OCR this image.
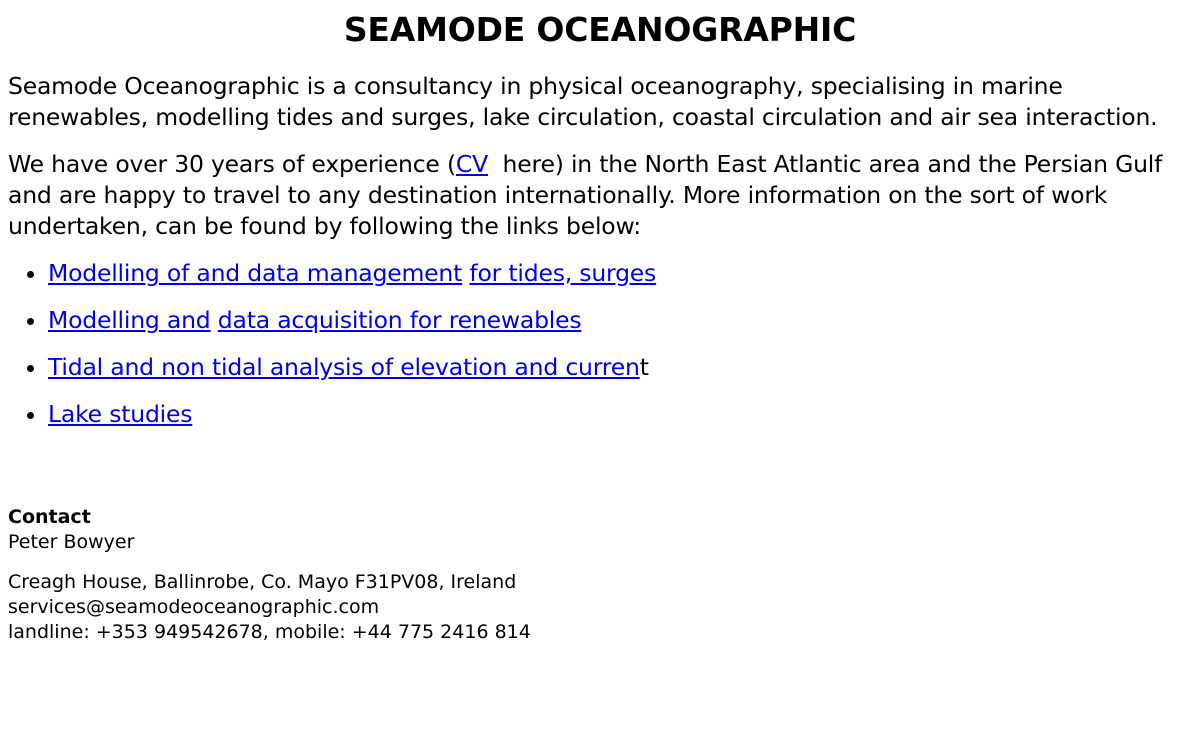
SEAMODE OCEANOGRAPHIC

Seamode Oceanographic is a consultancy in physical oceanography, specialising in marine renewables, modelling tides and surges, lake circulation, coastal circulation and air sea interaction.

We have over 30 years of experience (CV  here) in the North East Atlantic area and the Persian Gulf and are happy to travel to any destination internationally. More information on the sort of work undertaken, can be found by following the links below:

• Modelling of and data management for tides, surges
• Modelling and data acquisition for renewables
• Tidal and non tidal analysis of elevation and current
• Lake studies
Contact
Peter Bowyer
Creagh House, Ballinrobe, Co. Mayo F31PV08, Ireland
services@seamodeoceanographic.com
landline: +353 949542678, mobile: +44 775 2416 814
